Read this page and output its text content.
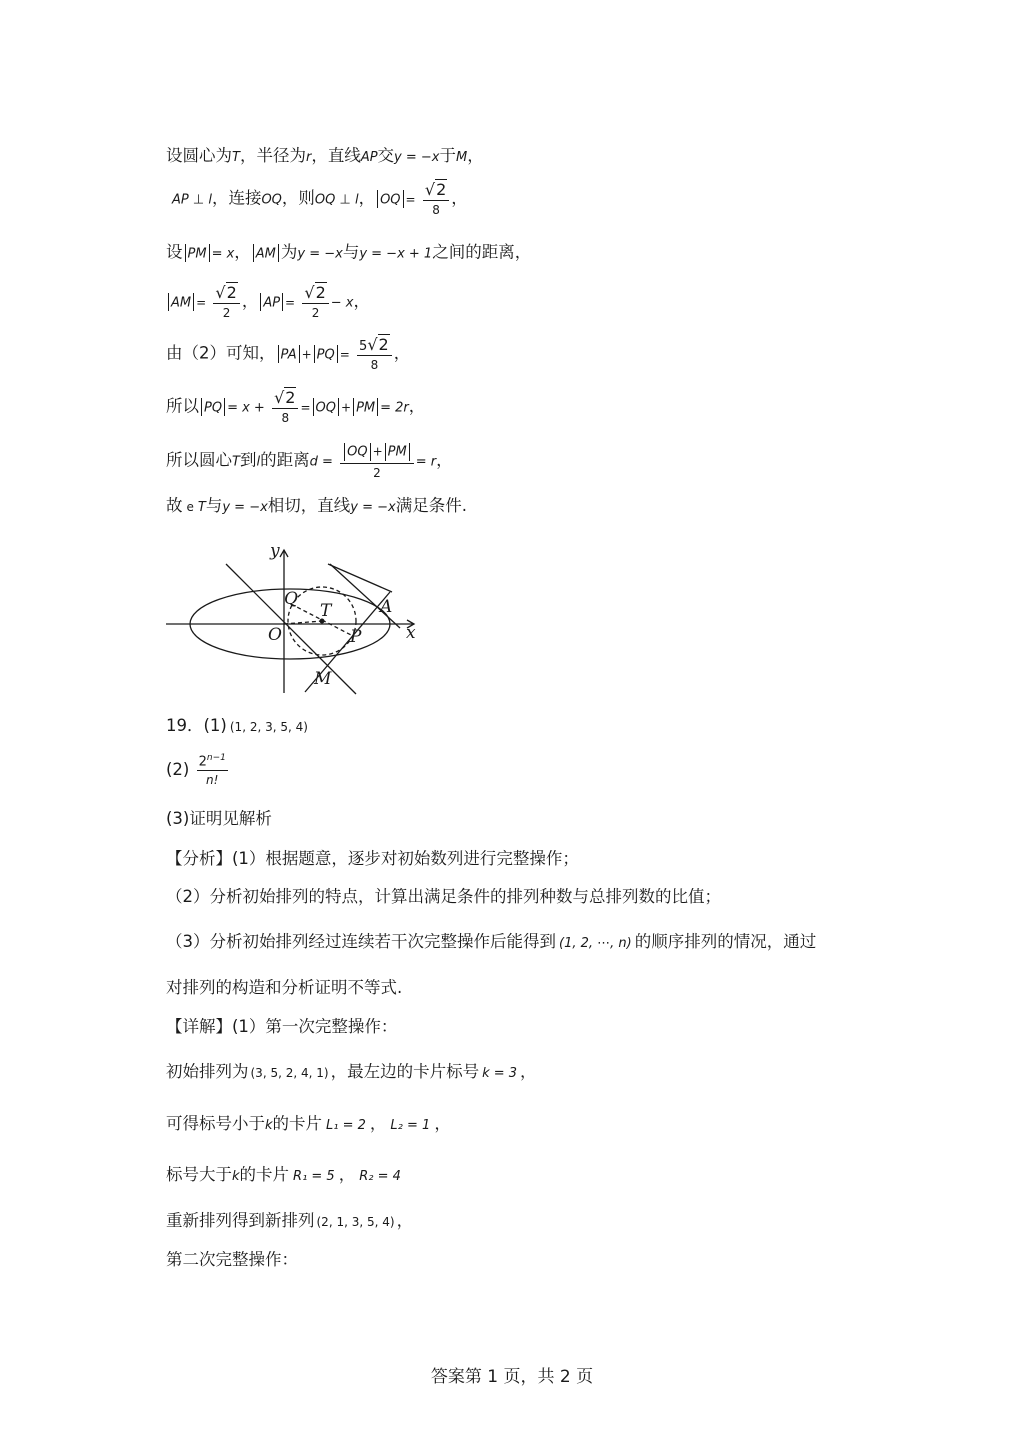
设圆心为T，半径为r，直线AP交y = −x于M，
AP ⊥ l，连接OQ，则OQ ⊥ l， OQ = $\frac{√2}{8}$ ，
设 PM = x， AM 为y = −x与y = −x + 1之间的距离，
AM = $\frac{√2}{2}$ ， AP = $\frac{√2}{2} - x$，
由（2）可知， PA + PQ = $\frac{5√2}{8}$ ，
所以 PQ = $x + \frac{√2}{8}$ = OQ + PM = 2r，
所以圆心T到l的距离$d = \frac{OQ + PM}{2} = r$，
故 e T与y = −x相切，直线y = −x满足条件.
y
x
O
Q
T	A
P
M
19．(1) (1, 2, 3, 5, 4)
$(2) \frac{2^{n-1}}{n!}$
(3)证明见解析
【分析】(1）根据题意，逐步对初始数列进行完整操作；
（2）分析初始排列的特点，计算出满足条件的排列种数与总排列数的比值；
（3）分析初始排列经过连续若干次完整操作后能得到 (1, 2, ⋯, n) 的顺序排列的情况，通过
对排列的构造和分析证明不等式.
【详解】(1）第一次完整操作：
初始排列为 (3, 5, 2, 4, 1) ，最左边的卡片标号 k = 3 ，
可得标号小于k的卡片 L₁ = 2 ， L₂ = 1 ，
标号大于k的卡片 R₁ = 5 ， R₂ = 4
重新排列得到新排列 (2, 1, 3, 5, 4) ，
第二次完整操作：
答案第 1 页，共 2 页
